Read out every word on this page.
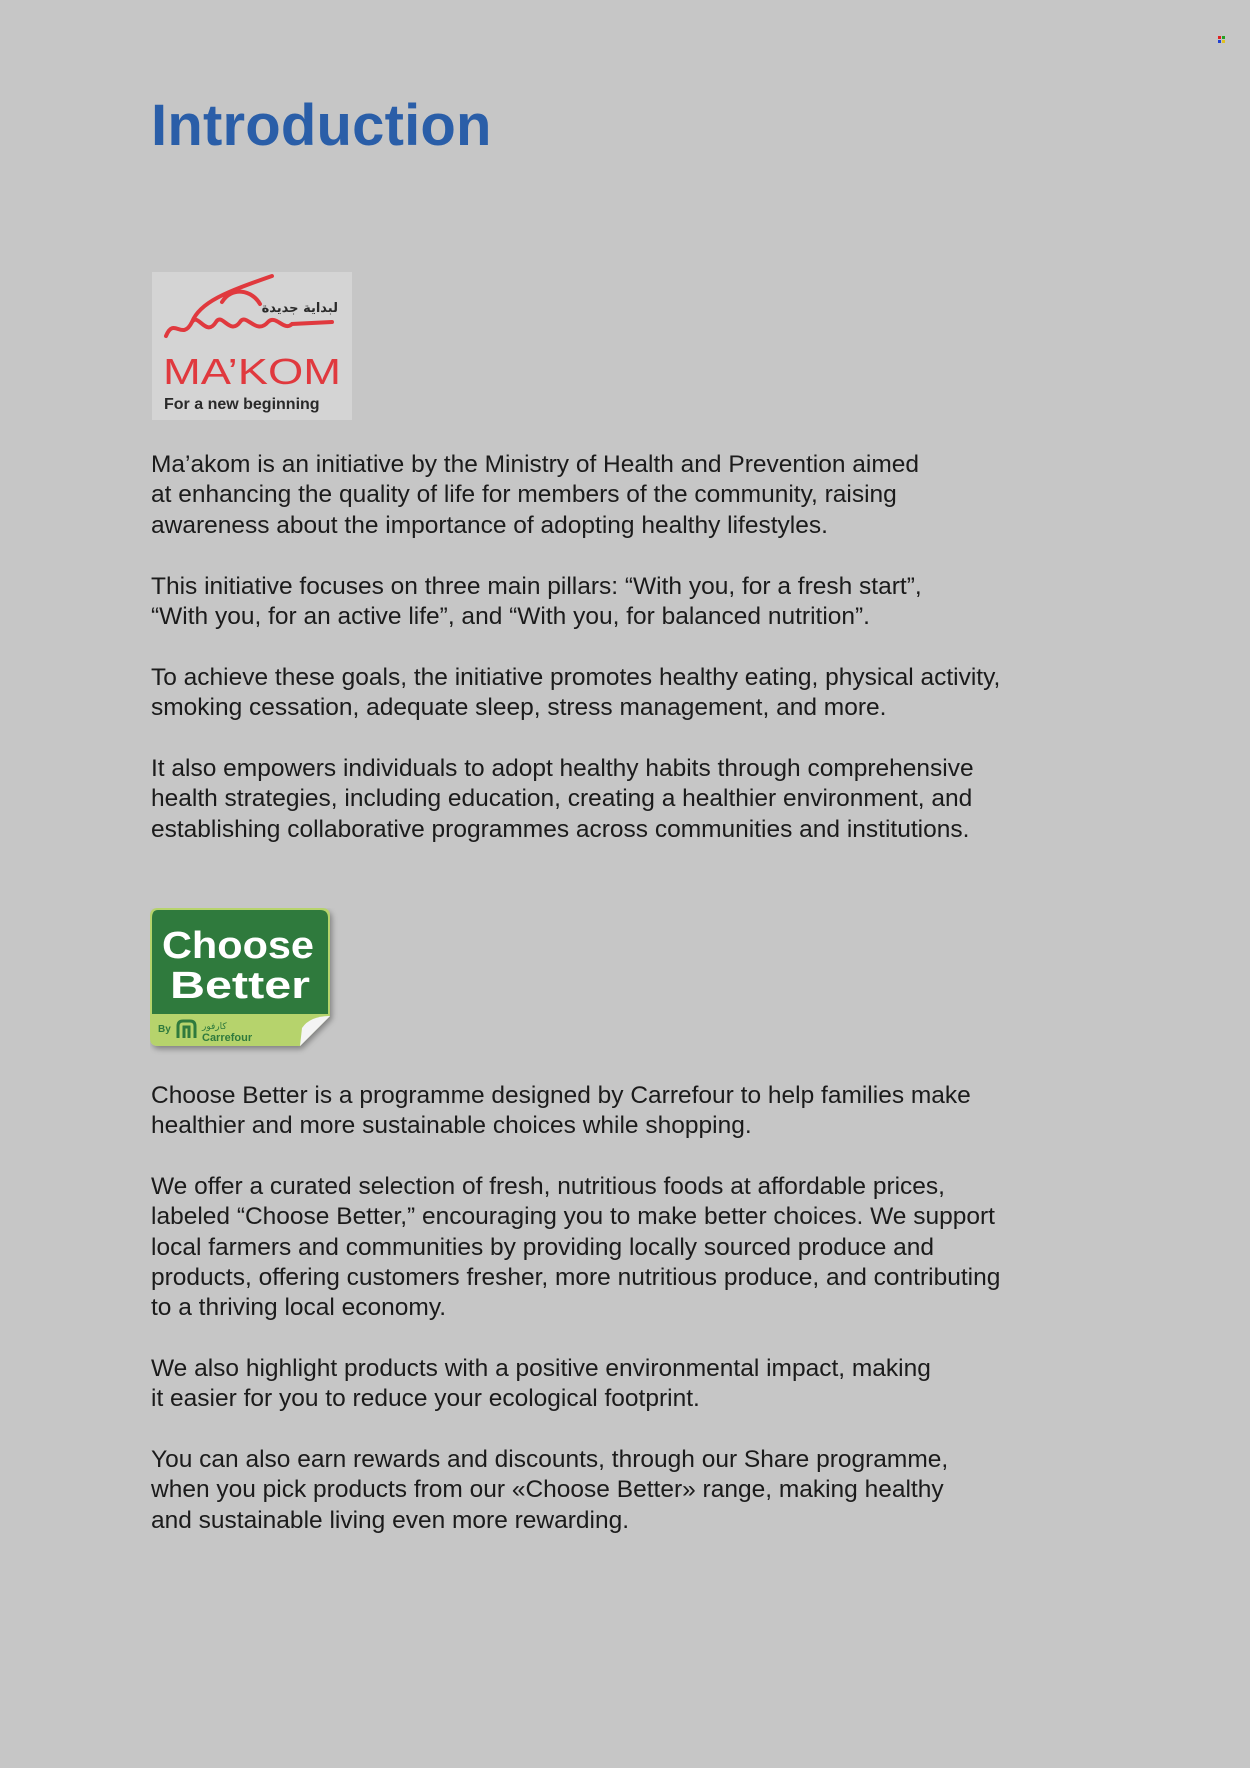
Introduction
لبداية جديدة
MA’KOM
For a new beginning

Ma’akom is an initiative by the Ministry of Health and Prevention aimed
at enhancing the quality of life for members of the community, raising
awareness about the importance of adopting healthy lifestyles.

This initiative focuses on three main pillars: “With you, for a fresh start”,
“With you, for an active life”, and “With you, for balanced nutrition”.

To achieve these goals, the initiative promotes healthy eating, physical activity,
smoking cessation, adequate sleep, stress management, and more.

It also empowers individuals to adopt healthy habits through comprehensive
health strategies, including education, creating a healthier environment, and
establishing collaborative programmes across communities and institutions.

Choose
Better
By	كارفور
Carrefour

Choose Better is a programme designed by Carrefour to help families make
healthier and more sustainable choices while shopping.

We offer a curated selection of fresh, nutritious foods at affordable prices,
labeled “Choose Better,” encouraging you to make better choices. We support
local farmers and communities by providing locally sourced produce and
products, offering customers fresher, more nutritious produce, and contributing
to a thriving local economy.

We also highlight products with a positive environmental impact, making
it easier for you to reduce your ecological footprint.

You can also earn rewards and discounts, through our Share programme,
when you pick products from our «Choose Better» range, making healthy
and sustainable living even more rewarding.
